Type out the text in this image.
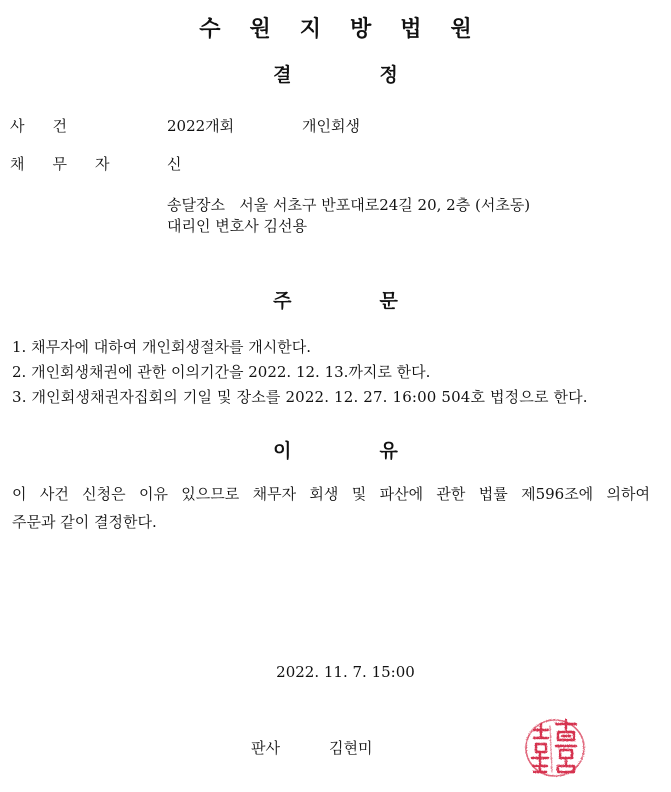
수원지방법원
결정
사건	2022개회	개인회생
채무자 신
송달장소   서울 서초구 반포대로24길 20, 2층 (서초동)
대리인 변호사 김선용
주문
1. 채무자에 대하여 개인회생절차를 개시한다.
2. 개인회생채권에 관한 이의기간을 2022. 12. 13.까지로 한다.
3. 개인회생채권자집회의 기일 및 장소를 2022. 12. 27. 16:00 504호 법정으로 한다.
이유
이 사건 신청은 이유 있으므로 채무자 회생 및 파산에 관한 법률 제596조에 의하여
주문과 같이 결정한다.
2022. 11. 7. 15:00
판사	김현미
